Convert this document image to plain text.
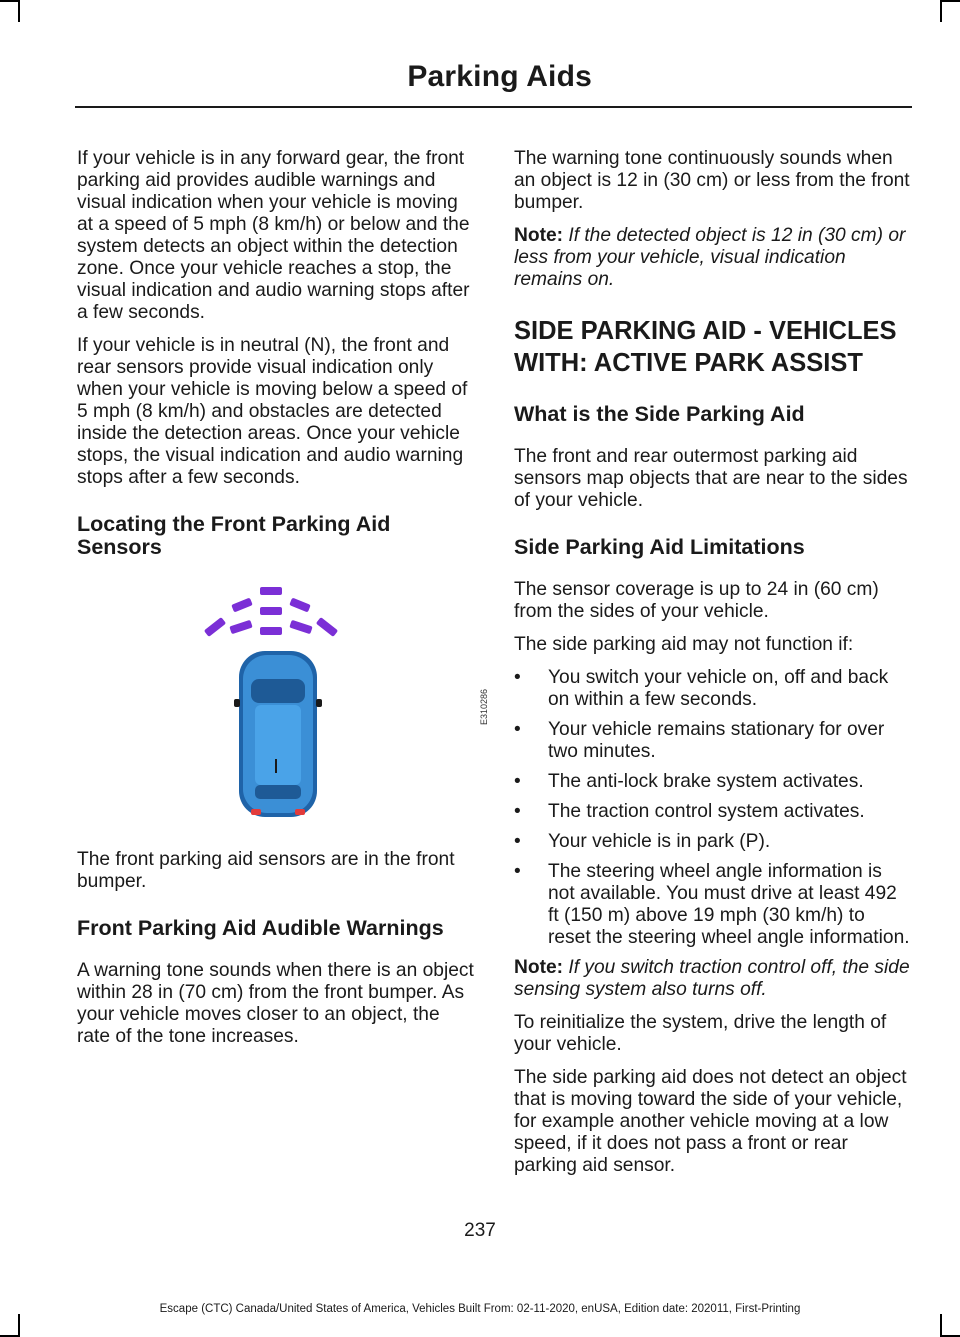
Parking Aids

If your vehicle is in any forward gear, the front parking aid provides audible warnings and visual indication when your vehicle is moving at a speed of 5 mph (8 km/h) or below and the system detects an object within the detection zone. Once your vehicle reaches a stop, the visual indication and audio warning stops after a few seconds.

If your vehicle is in neutral (N), the front and rear sensors provide visual indication only when your vehicle is moving below a speed of 5 mph (8 km/h) and obstacles are detected inside the detection areas. Once your vehicle stops, the visual indication and audio warning stops after a few seconds.

Locating the Front Parking Aid Sensors
E310286

The front parking aid sensors are in the front bumper.

Front Parking Aid Audible Warnings

A warning tone sounds when there is an object within 28 in (70 cm) from the front bumper. As your vehicle moves closer to an object, the rate of the tone increases.

The warning tone continuously sounds when an object is 12 in (30 cm) or less from the front bumper.

Note: If the detected object is 12 in (30 cm) or less from your vehicle, visual indication remains on.

SIDE PARKING AID - VEHICLES WITH: ACTIVE PARK ASSIST
What is the Side Parking Aid

The front and rear outermost parking aid sensors map objects that are near to the sides of your vehicle.

Side Parking Aid Limitations

The sensor coverage is up to 24 in (60 cm) from the sides of your vehicle.

The side parking aid may not function if:

• You switch your vehicle on, off and back on within a few seconds.
• Your vehicle remains stationary for over two minutes.
• The anti-lock brake system activates.
• The traction control system activates.
• Your vehicle is in park (P).
• The steering wheel angle information is not available. You must drive at least 492 ft (150 m) above 19 mph (30 km/h) to reset the steering wheel angle information.

Note: If you switch traction control off, the side sensing system also turns off.

To reinitialize the system, drive the length of your vehicle.

The side parking aid does not detect an object that is moving toward the side of your vehicle, for example another vehicle moving at a low speed, if it does not pass a front or rear parking aid sensor.

237
Escape (CTC) Canada/United States of America, Vehicles Built From: 02-11-2020, enUSA, Edition date: 202011, First-Printing
